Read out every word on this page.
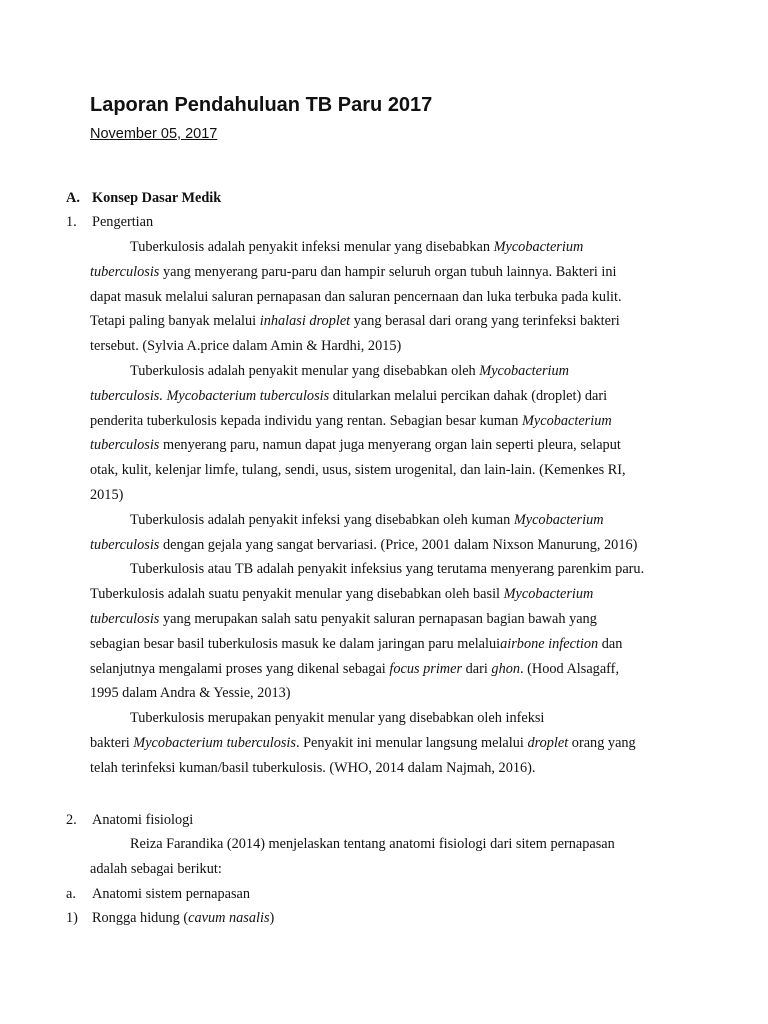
Laporan Pendahuluan TB Paru 2017
November 05, 2017
A. Konsep Dasar Medik
1. Pengertian
Tuberkulosis adalah penyakit infeksi menular yang disebabkan Mycobacterium
tuberculosis yang menyerang paru-paru dan hampir seluruh organ tubuh lainnya. Bakteri ini
dapat masuk melalui saluran pernapasan dan saluran pencernaan dan luka terbuka pada kulit.
Tetapi paling banyak melalui inhalasi droplet yang berasal dari orang yang terinfeksi bakteri
tersebut. (Sylvia A.price dalam Amin & Hardhi, 2015)
Tuberkulosis adalah penyakit menular yang disebabkan oleh Mycobacterium
tuberculosis. Mycobacterium tuberculosis ditularkan melalui percikan dahak (droplet) dari
penderita tuberkulosis kepada individu yang rentan. Sebagian besar kuman Mycobacterium
tuberculosis menyerang paru, namun dapat juga menyerang organ lain seperti pleura, selaput
otak, kulit, kelenjar limfe, tulang, sendi, usus, sistem urogenital, dan lain-lain. (Kemenkes RI,
2015)
Tuberkulosis adalah penyakit infeksi yang disebabkan oleh kuman Mycobacterium
tuberculosis dengan gejala yang sangat bervariasi. (Price, 2001 dalam Nixson Manurung, 2016)
Tuberkulosis atau TB adalah penyakit infeksius yang terutama menyerang parenkim paru.
Tuberkulosis adalah suatu penyakit menular yang disebabkan oleh basil Mycobacterium
tuberculosis yang merupakan salah satu penyakit saluran pernapasan bagian bawah yang
sebagian besar basil tuberkulosis masuk ke dalam jaringan paru melaluiairbone infection dan
selanjutnya mengalami proses yang dikenal sebagai focus primer dari ghon. (Hood Alsagaff,
1995 dalam Andra & Yessie, 2013)
Tuberkulosis merupakan penyakit menular yang disebabkan oleh infeksi
bakteri Mycobacterium tuberculosis. Penyakit ini menular langsung melalui droplet orang yang
telah terinfeksi kuman/basil tuberkulosis. (WHO, 2014 dalam Najmah, 2016).
2. Anatomi fisiologi
Reiza Farandika (2014) menjelaskan tentang anatomi fisiologi dari sitem pernapasan
adalah sebagai berikut:
a. Anatomi sistem pernapasan
1) Rongga hidung (cavum nasalis)
